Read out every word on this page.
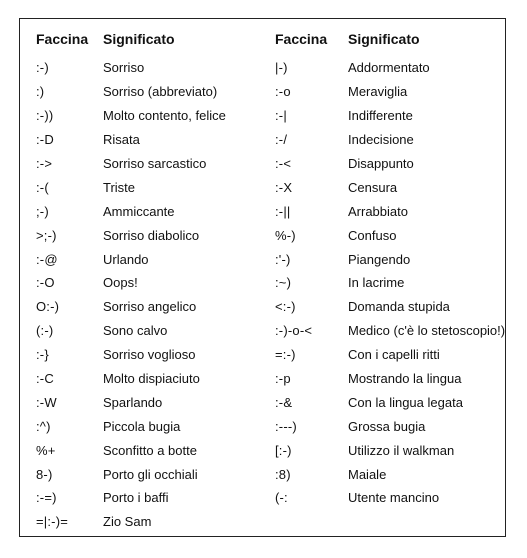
Faccina	Significato	Faccina	Significato
:-)	Sorriso	|-)	Addormentato
:)	Sorriso (abbreviato)	:-o	Meraviglia
:-))	Molto contento, felice	:-|	Indifferente
:-D	Risata	:-/	Indecisione
:->	Sorriso sarcastico	:-<	Disappunto
:-(	Triste	:-X	Censura
;-)	Ammiccante	:-||	Arrabbiato
>;-)	Sorriso diabolico	%-)	Confuso
:-@	Urlando	:'-)	Piangendo
:-O	Oops!	:~)	In lacrime
O:-)	Sorriso angelico	<:-)	Domanda stupida
(:-)	Sono calvo	:-)-o-<	Medico (c'è lo stetoscopio!)
:-}	Sorriso voglioso	=:-)	Con i capelli ritti
:-C	Molto dispiaciuto	:-p	Mostrando la lingua
:-W	Sparlando	:-&	Con la lingua legata
:^)	Piccola bugia	:---)	Grossa bugia
%+	Sconfitto a botte	[:-)	Utilizzo il walkman
8-)	Porto gli occhiali	:8)	Maiale
:-=)	Porto i baffi	(-:	Utente mancino
=|:-)=	Zio Sam		
